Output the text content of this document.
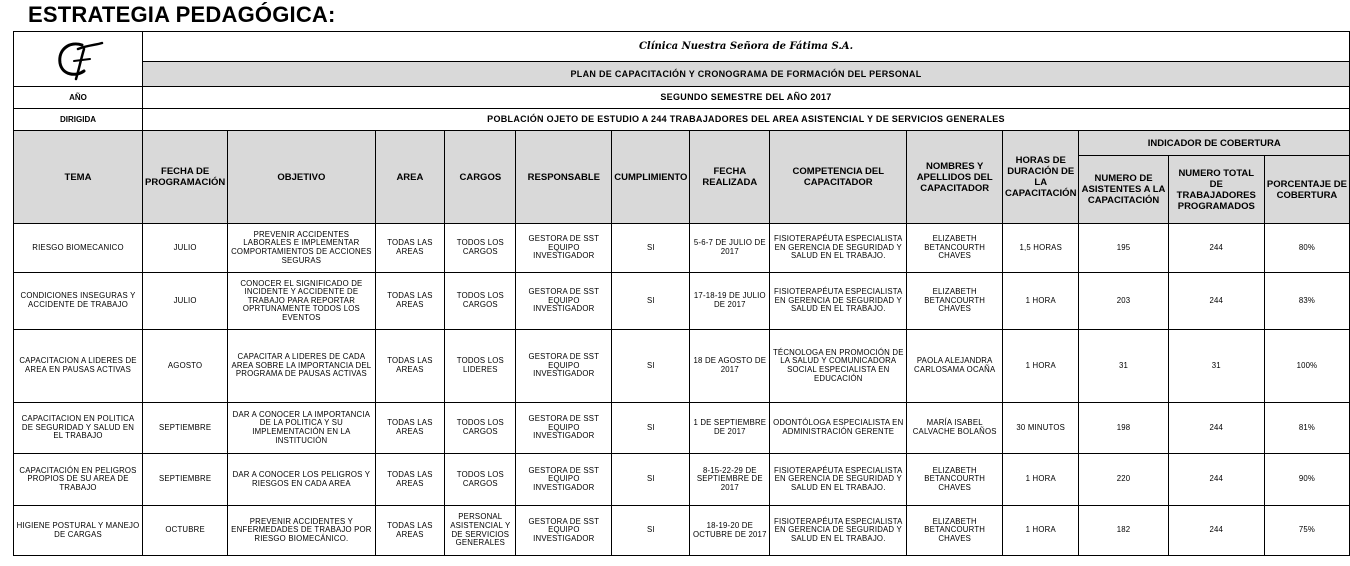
ESTRATEGIA PEDAGÓGICA:
	Clínica Nuestra Señora de Fátima S.A.												
	PLAN DE CAPACITACIÓN Y CRONOGRAMA DE FORMACIÓN DEL PERSONAL												
AÑO	SEGUNDO SEMESTRE DEL AÑO 2017												
DIRIGIDA	POBLACIÓN OJETO DE ESTUDIO A 244 TRABAJADORES DEL AREA ASISTENCIAL Y DE SERVICIOS GENERALES												
TEMA	FECHA DE PROGRAMACIÓN	OBJETIVO	AREA	CARGOS	RESPONSABLE	CUMPLIMIENTO	FECHA REALIZADA	COMPETENCIA DEL CAPACITADOR	NOMBRES Y APELLIDOS DEL CAPACITADOR	HORAS DE DURACIÓN DE LA CAPACITACIÓN	INDICADOR DE COBERTURA		
											NUMERO DE ASISTENTES A LA CAPACITACIÓN	NUMERO TOTAL DE TRABAJADORES PROGRAMADOS	PORCENTAJE DE COBERTURA
RIESGO BIOMECANICO	JULIO	PREVENIR ACCIDENTES LABORALES E IMPLEMENTAR COMPORTAMIENTOS DE ACCIONES SEGURAS	TODAS LAS AREAS	TODOS LOS CARGOS	GESTORA DE SST EQUIPO INVESTIGADOR	SI	5-6-7 DE JULIO DE 2017	FISIOTERAPÉUTA ESPECIALISTA EN GERENCIA DE SEGURIDAD Y SALUD EN EL TRABAJO.	ELIZABETH BETANCOURTH CHAVES	1,5 HORAS	195	244	80%
CONDICIONES INSEGURAS Y ACCIDENTE DE TRABAJO	JULIO	CONOCER EL SIGNIFICADO DE INCIDENTE Y ACCIDENTE DE TRABAJO PARA REPORTAR OPRTUNAMENTE TODOS LOS EVENTOS	TODAS LAS AREAS	TODOS LOS CARGOS	GESTORA DE SST EQUIPO INVESTIGADOR	SI	17-18-19 DE JULIO DE 2017	FISIOTERAPÉUTA ESPECIALISTA EN GERENCIA DE SEGURIDAD Y SALUD EN EL TRABAJO.	ELIZABETH BETANCOURTH CHAVES	1 HORA	203	244	83%
CAPACITACION A LIDERES DE AREA EN PAUSAS ACTIVAS	AGOSTO	CAPACITAR A LIDERES DE CADA AREA SOBRE LA IMPORTANCIA DEL PROGRAMA DE PAUSAS ACTIVAS	TODAS LAS AREAS	TODOS LOS LIDERES	GESTORA DE SST EQUIPO INVESTIGADOR	SI	18 DE AGOSTO DE 2017	TÉCNOLOGA EN PROMOCIÓN DE LA SALUD Y COMUNICADORA SOCIAL ESPECIALISTA EN EDUCACIÓN	PAOLA ALEJANDRA CARLOSAMA OCAÑA	1 HORA	31	31	100%
CAPACITACION EN POLITICA DE SEGURIDAD Y SALUD EN EL TRABAJO	SEPTIEMBRE	DAR A CONOCER LA IMPORTANCIA DE LA POLITICA Y SU IMPLEMENTACIÓN EN LA INSTITUCIÓN	TODAS LAS AREAS	TODOS LOS CARGOS	GESTORA DE SST EQUIPO INVESTIGADOR	SI	1 DE SEPTIEMBRE DE 2017	ODONTÓLOGA ESPECIALISTA EN ADMINISTRACIÓN GERENTE	MARÍA ISABEL CALVACHE BOLAÑOS	30 MINUTOS	198	244	81%
CAPACITACIÓN EN PELIGROS PROPIOS DE SU AREA DE TRABAJO	SEPTIEMBRE	DAR A CONOCER LOS PELIGROS Y RIESGOS EN CADA AREA	TODAS LAS AREAS	TODOS LOS CARGOS	GESTORA DE SST EQUIPO INVESTIGADOR	SI	8-15-22-29 DE SEPTIEMBRE DE 2017	FISIOTERAPÉUTA ESPECIALISTA EN GERENCIA DE SEGURIDAD Y SALUD EN EL TRABAJO.	ELIZABETH BETANCOURTH CHAVES	1 HORA	220	244	90%
HIGIENE POSTURAL Y MANEJO DE CARGAS	OCTUBRE	PREVENIR ACCIDENTES Y ENFERMEDADES DE TRABAJO POR RIESGO BIOMECÁNICO.	TODAS LAS AREAS	PERSONAL ASISTENCIAL Y DE SERVICIOS GENERALES	GESTORA DE SST EQUIPO INVESTIGADOR	SI	18-19-20 DE OCTUBRE DE 2017	FISIOTERAPÉUTA ESPECIALISTA EN GERENCIA DE SEGURIDAD Y SALUD EN EL TRABAJO.	ELIZABETH BETANCOURTH CHAVES	1 HORA	182	244	75%
